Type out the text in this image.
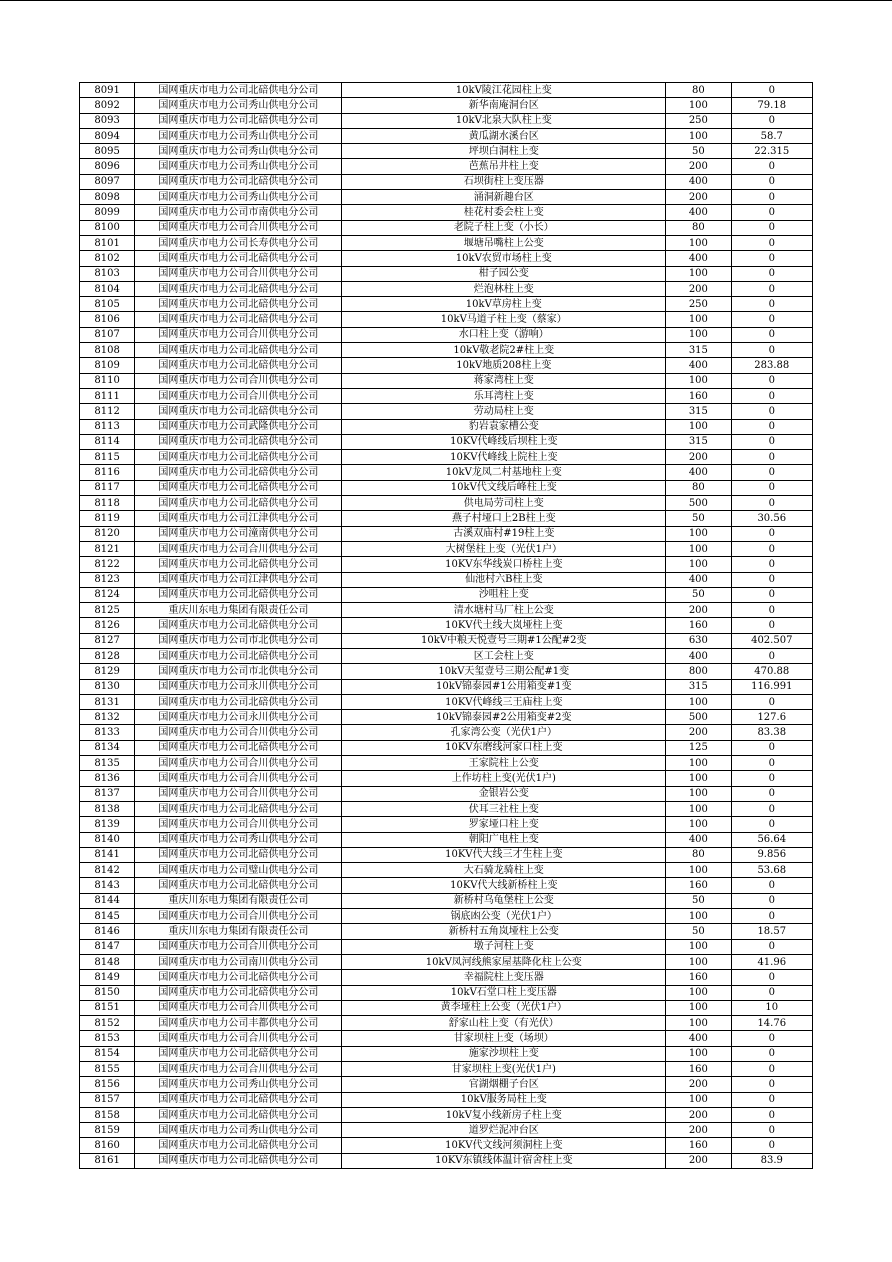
8091	国网重庆市电力公司北碚供电分公司	10kV陵江花园柱上变	80	0
8092	国网重庆市电力公司秀山供电分公司	新华南庵洞台区	100	79.18
8093	国网重庆市电力公司北碚供电分公司	10kV北泉大队柱上变	250	0
8094	国网重庆市电力公司秀山供电分公司	黄瓜湖水溪台区	100	58.7
8095	国网重庆市电力公司秀山供电分公司	坪坝白洞柱上变	50	22.315
8096	国网重庆市电力公司秀山供电分公司	芭蕉吊井柱上变	200	0
8097	国网重庆市电力公司北碚供电分公司	石坝街柱上变压器	400	0
8098	国网重庆市电力公司秀山供电分公司	涌洞新趣台区	200	0
8099	国网重庆市电力公司市南供电分公司	桂花村委会柱上变	400	0
8100	国网重庆市电力公司合川供电分公司	老院子柱上变（小长）	80	0
8101	国网重庆市电力公司长寿供电分公司	堰塘吊嘴柱上公变	100	0
8102	国网重庆市电力公司北碚供电分公司	10kV农贸市场柱上变	400	0
8103	国网重庆市电力公司合川供电分公司	柑子园公变	100	0
8104	国网重庆市电力公司北碚供电分公司	烂泡林柱上变	200	0
8105	国网重庆市电力公司北碚供电分公司	10kV草房柱上变	250	0
8106	国网重庆市电力公司北碚供电分公司	10kV马道子柱上变（蔡家）	100	0
8107	国网重庆市电力公司合川供电分公司	水口柱上变（游响）	100	0
8108	国网重庆市电力公司北碚供电分公司	10kV敬老院2#柱上变	315	0
8109	国网重庆市电力公司北碚供电分公司	10kV地质208柱上变	400	283.88
8110	国网重庆市电力公司合川供电分公司	蒋家湾柱上变	100	0
8111	国网重庆市电力公司合川供电分公司	乐耳湾柱上变	160	0
8112	国网重庆市电力公司北碚供电分公司	劳动局柱上变	315	0
8113	国网重庆市电力公司武隆供电分公司	豹岩袁家槽公变	100	0
8114	国网重庆市电力公司北碚供电分公司	10KV代峰线后坝柱上变	315	0
8115	国网重庆市电力公司北碚供电分公司	10KV代峰线上院柱上变	200	0
8116	国网重庆市电力公司北碚供电分公司	10kV龙凤二村基地柱上变	400	0
8117	国网重庆市电力公司北碚供电分公司	10kV代文线后峰柱上变	80	0
8118	国网重庆市电力公司北碚供电分公司	供电局劳司柱上变	500	0
8119	国网重庆市电力公司江津供电分公司	燕子村垭口上2B柱上变	50	30.56
8120	国网重庆市电力公司潼南供电分公司	古溪双庙村#19柱上变	100	0
8121	国网重庆市电力公司合川供电分公司	大树堡柱上变（光伏1户）	100	0
8122	国网重庆市电力公司北碚供电分公司	10KV东华线炭口桥柱上变	100	0
8123	国网重庆市电力公司江津供电分公司	仙池村六B柱上变	400	0
8124	国网重庆市电力公司北碚供电分公司	沙咀柱上变	50	0
8125	重庆川东电力集团有限责任公司	清水塘村马厂柱上公变	200	0
8126	国网重庆市电力公司北碚供电分公司	10KV代土线大岚垭柱上变	160	0
8127	国网重庆市电力公司市北供电分公司	10kV中粮天悦壹号三期#1公配#2变	630	402.507
8128	国网重庆市电力公司北碚供电分公司	区工会柱上变	400	0
8129	国网重庆市电力公司市北供电分公司	10kV天玺壹号三期公配#1变	800	470.88
8130	国网重庆市电力公司永川供电分公司	10kV锦泰园#1公用箱变#1变	315	116.991
8131	国网重庆市电力公司北碚供电分公司	10KV代峰线三王庙柱上变	100	0
8132	国网重庆市电力公司永川供电分公司	10kV锦泰园#2公用箱变#2变	500	127.6
8133	国网重庆市电力公司合川供电分公司	孔家湾公变（光伏1户）	200	83.38
8134	国网重庆市电力公司北碚供电分公司	10KV东磨线河家口柱上变	125	0
8135	国网重庆市电力公司合川供电分公司	王家院柱上公变	100	0
8136	国网重庆市电力公司合川供电分公司	上作坊柱上变(光伏1户)	100	0
8137	国网重庆市电力公司合川供电分公司	金银岩公变	100	0
8138	国网重庆市电力公司北碚供电分公司	伏耳三社柱上变	100	0
8139	国网重庆市电力公司合川供电分公司	罗家垭口柱上变	100	0
8140	国网重庆市电力公司秀山供电分公司	朝阳广电柱上变	400	56.64
8141	国网重庆市电力公司北碚供电分公司	10KV代大线三才生柱上变	80	9.856
8142	国网重庆市电力公司璧山供电分公司	大石骑龙骑柱上变	100	53.68
8143	国网重庆市电力公司北碚供电分公司	10KV代大线新桥柱上变	160	0
8144	重庆川东电力集团有限责任公司	新桥村乌龟堡柱上公变	50	0
8145	国网重庆市电力公司合川供电分公司	锅底凼公变（光伏1户）	100	0
8146	重庆川东电力集团有限责任公司	新桥村五角岚垭柱上公变	50	18.57
8147	国网重庆市电力公司合川供电分公司	墩子河柱上变	100	0
8148	国网重庆市电力公司南川供电分公司	10kV凤河线熊家屋基降化柱上公变	100	41.96
8149	国网重庆市电力公司北碚供电分公司	幸福院柱上变压器	160	0
8150	国网重庆市电力公司北碚供电分公司	10kV石堂口柱上变压器	100	0
8151	国网重庆市电力公司合川供电分公司	黄李垭柱上公变（光伏1户）	100	10
8152	国网重庆市电力公司丰都供电分公司	舒家山柱上变（有光伏）	100	14.76
8153	国网重庆市电力公司合川供电分公司	甘家坝柱上变（场坝）	400	0
8154	国网重庆市电力公司北碚供电分公司	施家沙坝柱上变	100	0
8155	国网重庆市电力公司合川供电分公司	甘家坝柱上变(光伏1户)	160	0
8156	国网重庆市电力公司秀山供电分公司	官湖烟棚子台区	200	0
8157	国网重庆市电力公司北碚供电分公司	10kV服务局柱上变	100	0
8158	国网重庆市电力公司北碚供电分公司	10kV复小线新房子柱上变	200	0
8159	国网重庆市电力公司秀山供电分公司	道罗烂泥冲台区	200	0
8160	国网重庆市电力公司北碚供电分公司	10KV代文线河须洞柱上变	160	0
8161	国网重庆市电力公司北碚供电分公司	10KV东镇线体温计宿舍柱上变	200	83.9
